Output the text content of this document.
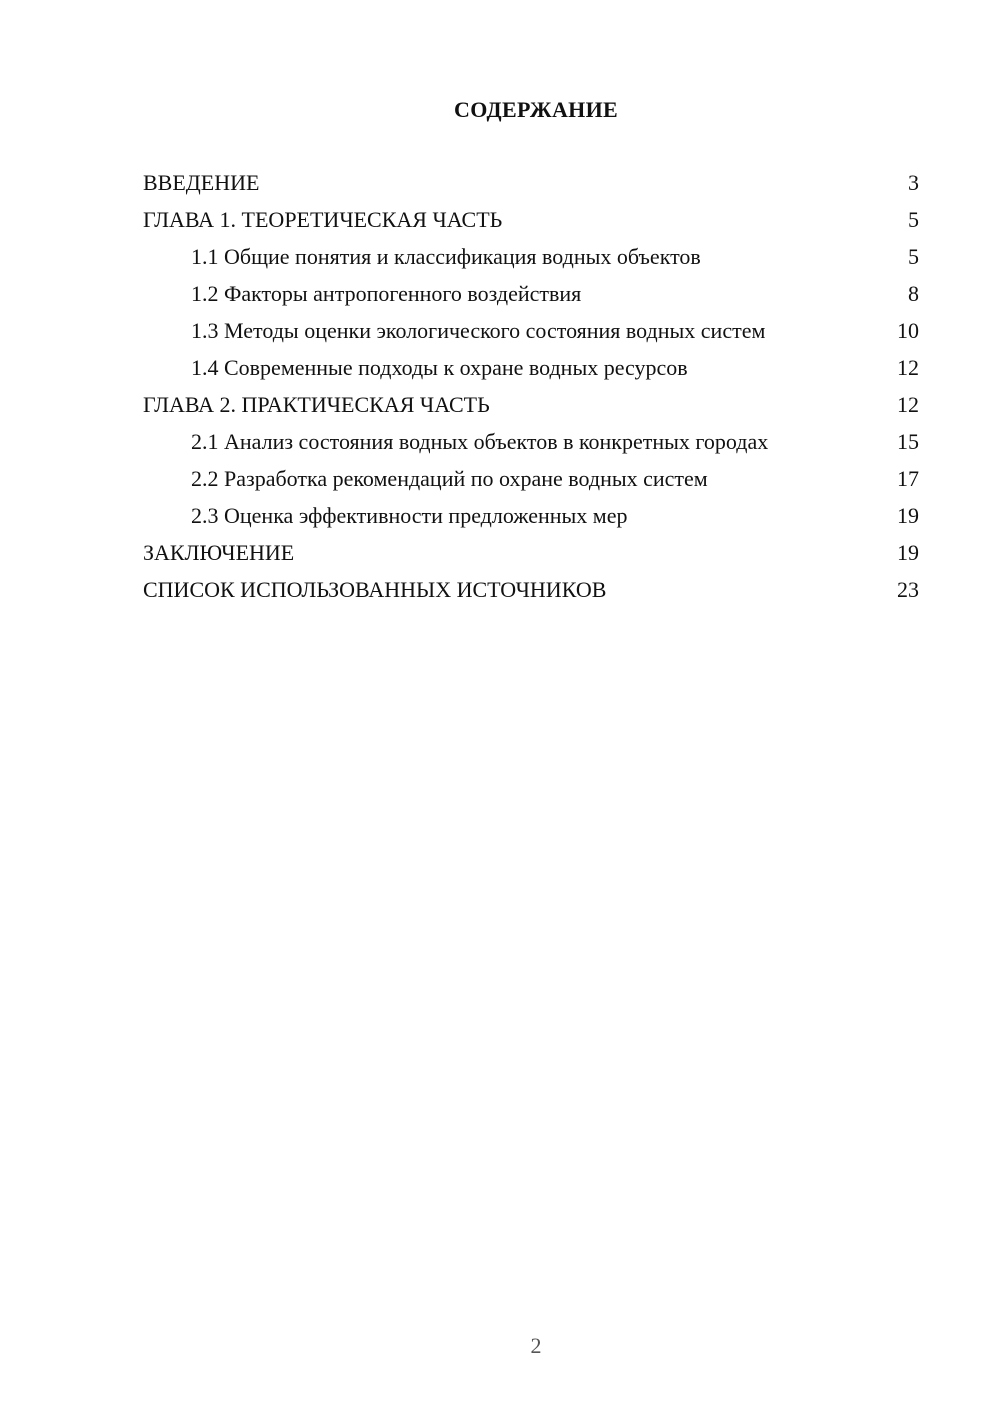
СОДЕРЖАНИЕ
ВВЕДЕНИЕ	3
ГЛАВА 1. ТЕОРЕТИЧЕСКАЯ ЧАСТЬ	5
1.1 Общие понятия и классификация водных объектов	5
1.2 Факторы антропогенного воздействия	8
1.3 Методы оценки экологического состояния водных систем	10
1.4 Современные подходы к охране водных ресурсов	12
ГЛАВА 2. ПРАКТИЧЕСКАЯ ЧАСТЬ	12
2.1 Анализ состояния водных объектов в конкретных городах	15
2.2 Разработка рекомендаций по охране водных систем	17
2.3 Оценка эффективности предложенных мер	19
ЗАКЛЮЧЕНИЕ	19
СПИСОК ИСПОЛЬЗОВАННЫХ ИСТОЧНИКОВ	23
2
